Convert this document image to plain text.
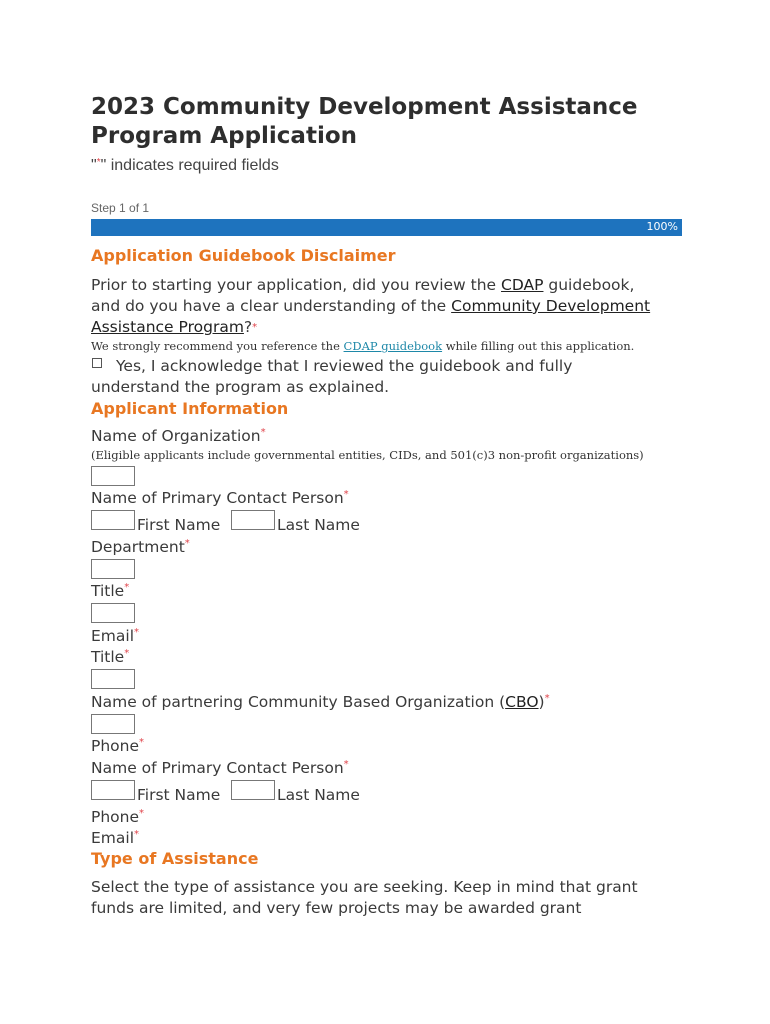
2023 Community Development Assistance Program Application
"*" indicates required fields
Step 1 of 1
100%
Application Guidebook Disclaimer
Prior to starting your application, did you review the CDAP guidebook, and do you have a clear understanding of the Community Development Assistance Program?*
We strongly recommend you reference the CDAP guidebook while filling out this application.
Yes, I acknowledge that I reviewed the guidebook and fully understand the program as explained.
Applicant Information
Name of Organization*
(Eligible applicants include governmental entities, CIDs, and 501(c)3 non-profit organizations)
Name of Primary Contact Person*
First Name	Last Name
Department*
Title*
Email*
Title*
Name of partnering Community Based Organization (CBO)*
Phone*
Name of Primary Contact Person*
First Name	Last Name
Phone*
Email*
Type of Assistance
Select the type of assistance you are seeking. Keep in mind that grant funds are limited, and very few projects may be awarded grant
